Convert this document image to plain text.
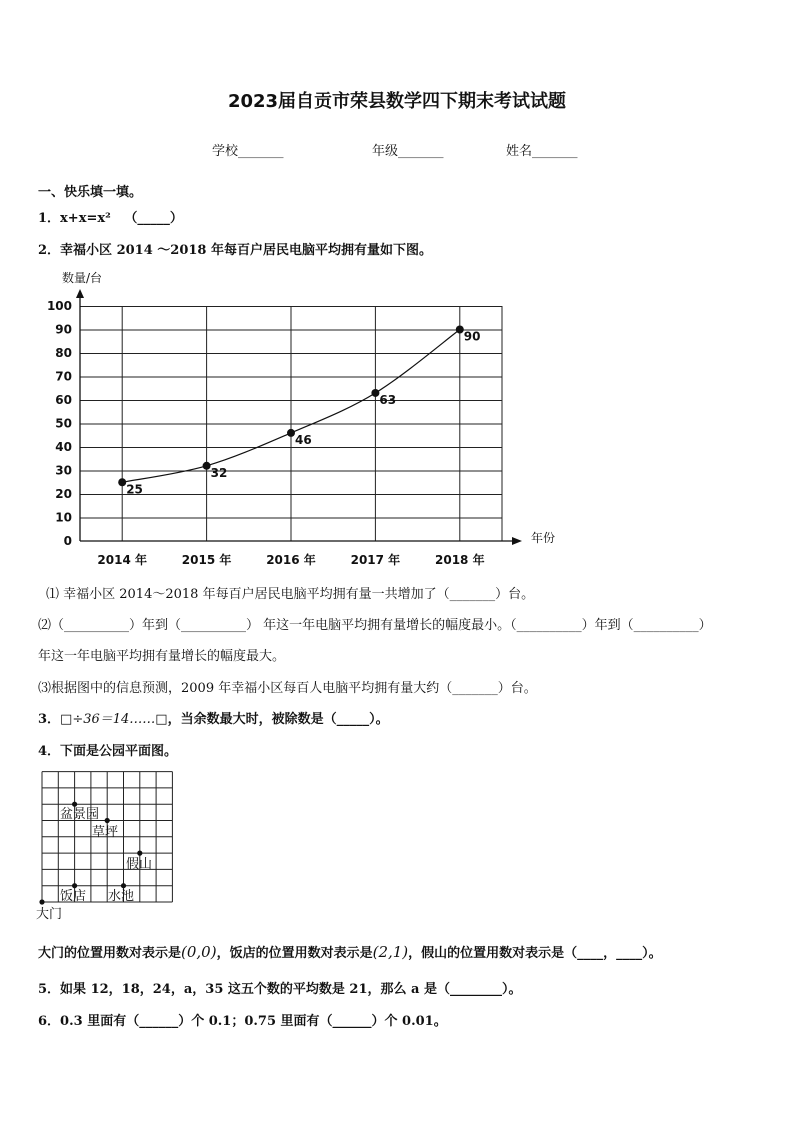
2023届自贡市荣县数学四下期末考试试题
学校_______	年级_______	姓名_______
一、快乐填一填。
1．x+x=x² （_____）
2．幸福小区 2014 ～2018 年每百户居民电脑平均拥有量如下图。
数量/台
年份
0
10
20
30
40
50
60
70
80
90
100
2014 年	2015 年	2016 年	2017 年	2018 年
25
32
46
63
90
⑴ 幸福小区 2014～2018 年每百户居民电脑平均拥有量一共增加了（_______）台。
⑵（__________）年到（__________） 年这一年电脑平均拥有量增长的幅度最小。（__________）年到（__________）
年这一年电脑平均拥有量增长的幅度最大。
⑶根据图中的信息预测，2009 年幸福小区每百人电脑平均拥有量大约（_______）台。
3．□÷36＝14……□，当余数最大时，被除数是（_____）。
4．下面是公园平面图。
盆景园
草坪
假山
饭店 水池
大门
大门的位置用数对表示是(0,0)，饭店的位置用数对表示是(2,1)，假山的位置用数对表示是（____，____）。
5．如果 12，18，24，a，35 这五个数的平均数是 21，那么 a 是（________）。
6．0.3 里面有（______）个 0.1；0.75 里面有（______）个 0.01。
